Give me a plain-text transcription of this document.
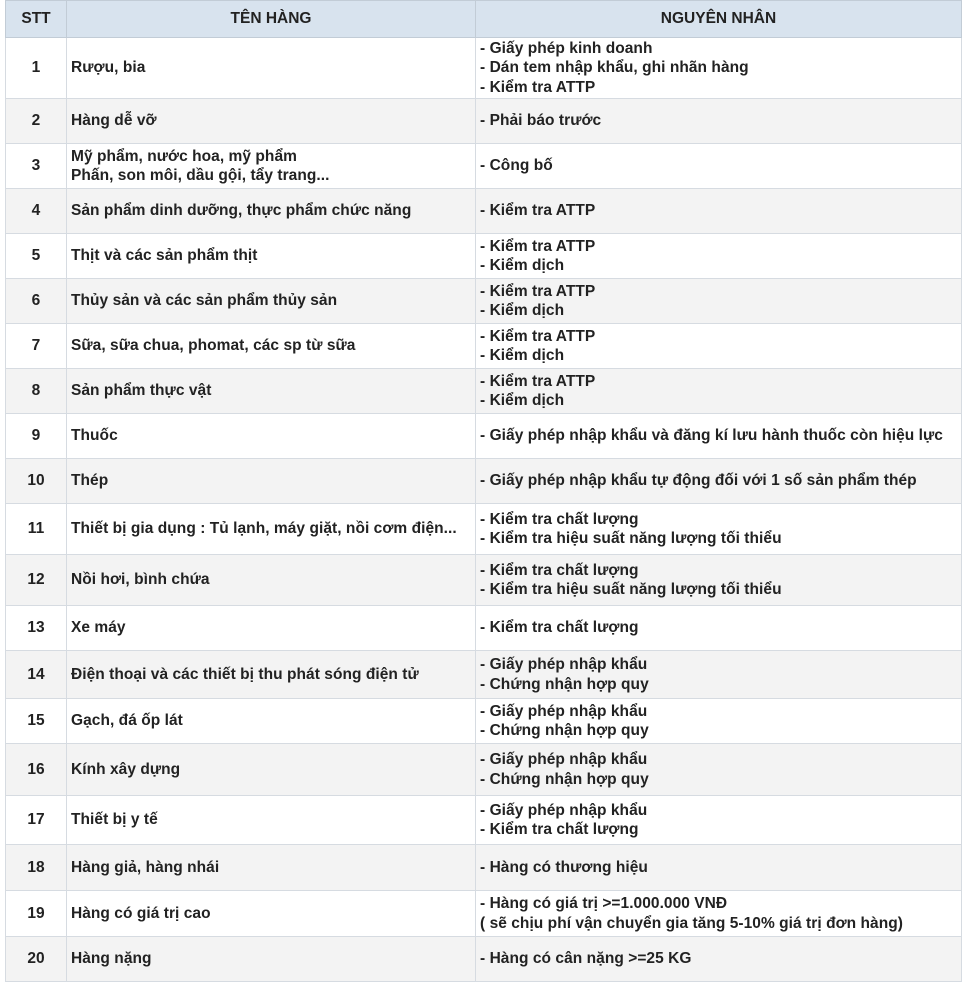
STT	TÊN HÀNG	NGUYÊN NHÂN
1	Rượu, bia	- Giấy phép kinh doanh
- Dán tem nhập khẩu, ghi nhãn hàng
- Kiểm tra ATTP

2	Hàng dễ vỡ	- Phải báo trước

3	Mỹ phẩm, nước hoa, mỹ phẩm
Phấn, son môi, dầu gội, tẩy trang...	- Công bố

4	Sản phẩm dinh dưỡng, thực phẩm chức năng	- Kiểm tra ATTP

5	Thịt và các sản phẩm thịt	- Kiểm tra ATTP
- Kiểm dịch

6	Thủy sản và các sản phẩm thủy sản	- Kiểm tra ATTP
- Kiểm dịch

7	Sữa, sữa chua, phomat, các sp từ sữa	- Kiểm tra ATTP
- Kiểm dịch

8	Sản phẩm thực vật	- Kiểm tra ATTP
- Kiểm dịch

9	Thuốc	- Giấy phép nhập khẩu và đăng kí lưu hành thuốc còn hiệu lực

10	Thép	- Giấy phép nhập khẩu tự động đối với 1 số sản phẩm thép

11	Thiết bị gia dụng : Tủ lạnh, máy giặt, nồi cơm điện...	- Kiểm tra chất lượng
- Kiểm tra hiệu suất năng lượng tối thiểu

12	Nồi hơi, bình chứa	- Kiểm tra chất lượng
- Kiểm tra hiệu suất năng lượng tối thiểu

13	Xe máy	- Kiểm tra chất lượng

14	Điện thoại và các thiết bị thu phát sóng điện tử	- Giấy phép nhập khẩu
- Chứng nhận hợp quy

15	Gạch, đá ốp lát	- Giấy phép nhập khẩu
- Chứng nhận hợp quy

16	Kính xây dựng	- Giấy phép nhập khẩu
- Chứng nhận hợp quy

17	Thiết bị y tế	- Giấy phép nhập khẩu
- Kiểm tra chất lượng

18	Hàng giả, hàng nhái	- Hàng có thương hiệu

19	Hàng có giá trị cao	- Hàng có giá trị >=1.000.000 VNĐ
( sẽ chịu phí vận chuyển gia tăng 5-10% giá trị đơn hàng)

20	Hàng nặng	- Hàng có cân nặng >=25 KG
